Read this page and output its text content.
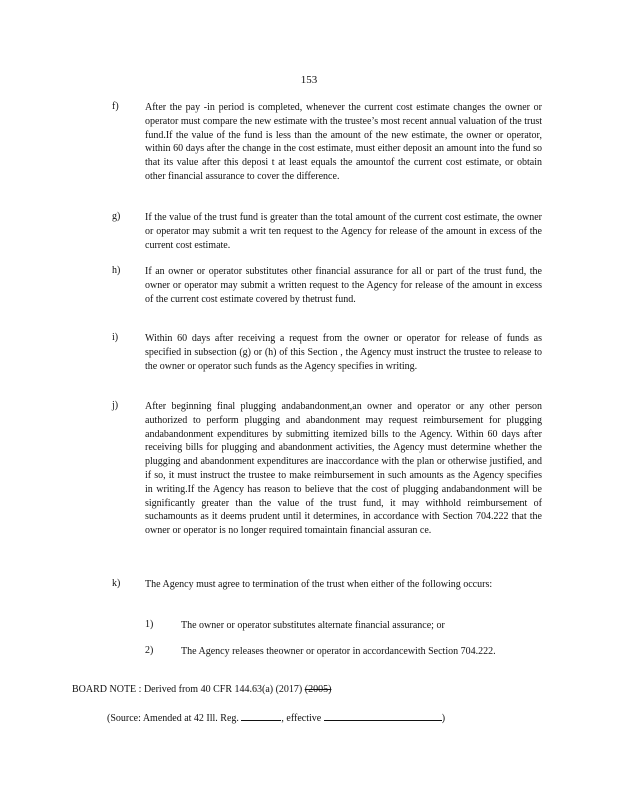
153
f)	After the pay -in period is completed, whenever the current cost estimate changes the owner or operator must compare the new estimate with the trustee’s most recent annual valuation of the trust fund.If the value of the fund is less than the amount of the new estimate, the owner or operator, within 60 days after the change in the cost estimate, must either deposit an amount into the fund so that its value after this deposi t at least equals the amountof the current cost estimate, or obtain other financial assurance to cover the difference.
g) If the value of the trust fund is greater than the total amount of the current cost estimate, the owner or operator may submit a writ ten request to the Agency for release of the amount in excess of the current cost estimate.
h) If an owner or operator substitutes other financial assurance for all or part of the trust fund, the owner or operator may submit a written request to the Agency for release of the amount in excess of the current cost estimate covered by thetrust fund.
i)	Within 60 days after receiving a request from the owner or operator for release of funds as specified in subsection (g) or (h) of this Section , the Agency must instruct the trustee to release to the owner or operator such funds as the Agency specifies in writing.
j)	After beginning final plugging andabandonment,an owner and operator or any other person authorized to perform plugging and abandonment may request reimbursement for plugging andabandonment expenditures by submitting itemized bills to the Agency. Within 60 days after receiving bills for plugging and abandonment activities, the Agency must determine whether the plugging and abandonment expenditures are inaccordance with the plan or otherwise justified, and if so, it must instruct the trustee to make reimbursement in such amounts as the Agency specifies in writing.If the Agency has reason to believe that the cost of plugging andabandonment will be significantly greater than the value of the trust fund, it may withhold reimbursement of suchamounts as it deems prudent until it determines, in accordance with Section 704.222 that the owner or operator is no longer required tomaintain financial assuran ce.
k) The Agency must agree to termination of the trust when either of the following occurs:
1)	The owner or operator substitutes alternate financial assurance; or
2)	The Agency releases theowner or operator in accordancewith Section 704.222.
BOARD NOTE : Derived from 40 CFR 144.63(a) (2017) (2005)
(Source: Amended at 42 Ill. Reg.	, effective	)
